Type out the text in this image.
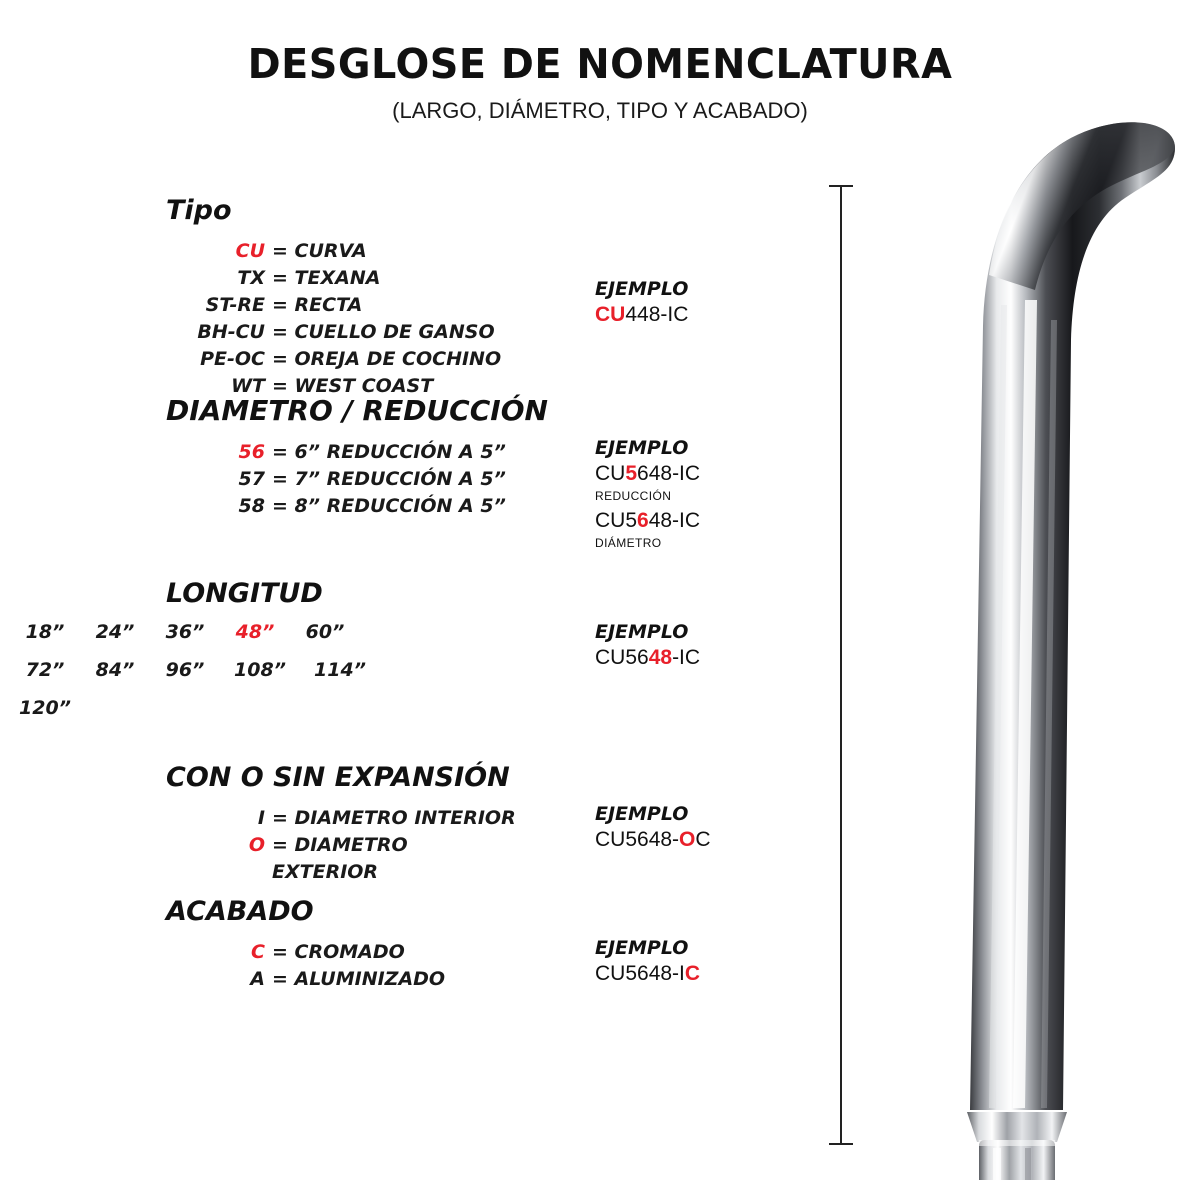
DESGLOSE DE NOMENCLATURA
(LARGO, DIÁMETRO, TIPO Y ACABADO)
Tipo
CU = CURVA
TX = TEXANA
ST-RE = RECTA
BH-CU = CUELLO DE GANSO
PE-OC = OREJA DE COCHINO
WT = WEST COAST
EJEMPLO
CU448-IC
DIAMETRO / REDUCCIÓN
56 = 6” REDUCCIÓN A 5”
57 = 7” REDUCCIÓN A 5”
58 = 8” REDUCCIÓN A 5”
EJEMPLO
CU5648-IC
REDUCCIÓN
CU5648-IC
DIÁMETRO
LONGITUD
18”	24”	36”	48”	60”
72”	84”	96”	108”	114”
120”
EJEMPLO
CU5648-IC
CON O SIN EXPANSIÓN
I = DIAMETRO INTERIOR
O = DIAMETRO EXTERIOR
EJEMPLO
CU5648-OC
ACABADO
C = CROMADO
A = ALUMINIZADO
EJEMPLO
CU5648-IC
